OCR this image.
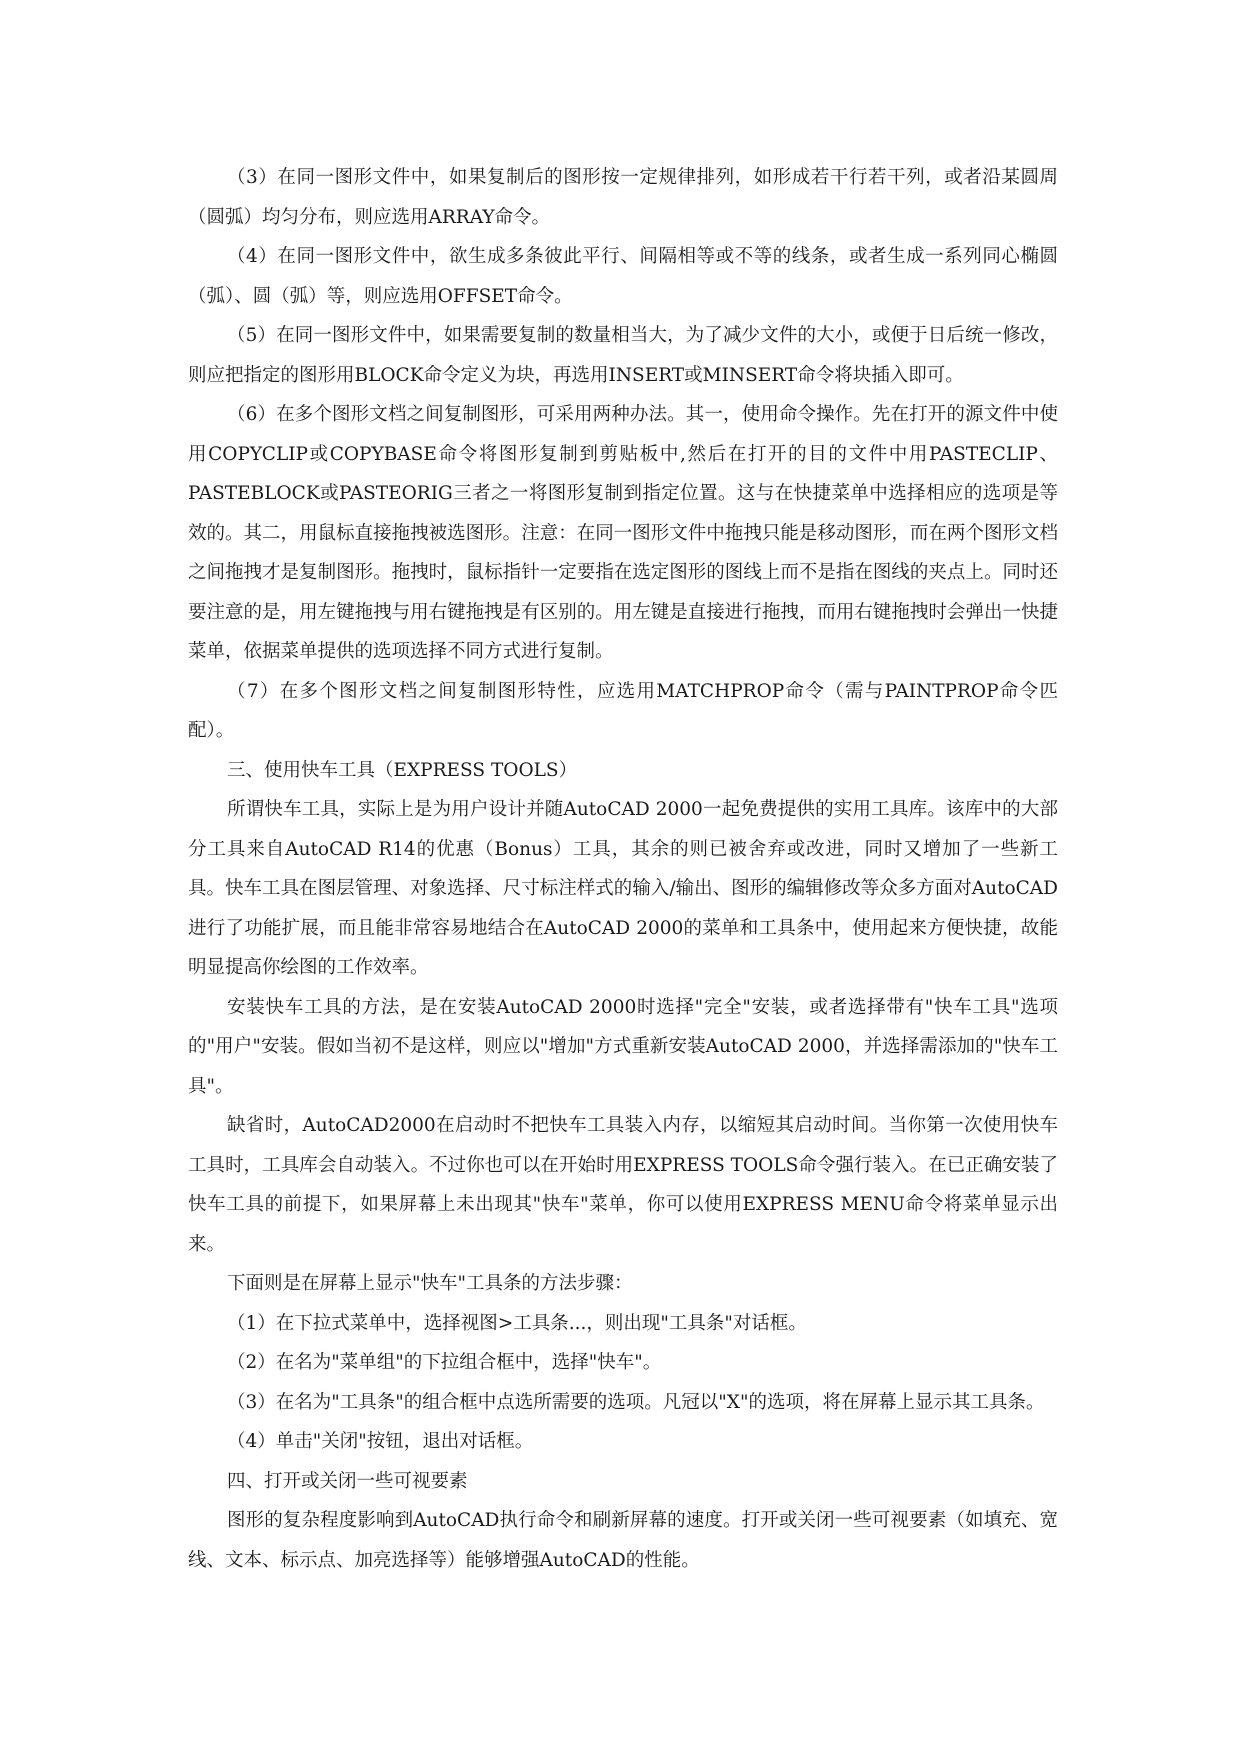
（3）在同一图形文件中，如果复制后的图形按一定规律排列，如形成若干行若干列，或者沿某圆周（圆弧）均匀分布，则应选用ARRAY命令。

（4）在同一图形文件中，欲生成多条彼此平行、间隔相等或不等的线条，或者生成一系列同心椭圆（弧）、圆（弧）等，则应选用OFFSET命令。

（5）在同一图形文件中，如果需要复制的数量相当大，为了减少文件的大小，或便于日后统一修改，则应把指定的图形用BLOCK命令定义为块，再选用INSERT或MINSERT命令将块插入即可。

（6）在多个图形文档之间复制图形，可采用两种办法。其一，使用命令操作。先在打开的源文件中使用COPYCLIP或COPYBASE命令将图形复制到剪贴板中,然后在打开的目的文件中用PASTECLIP、PASTEBLOCK或PASTEORIG三者之一将图形复制到指定位置。这与在快捷菜单中选择相应的选项是等效的。其二，用鼠标直接拖拽被选图形。注意：在同一图形文件中拖拽只能是移动图形，而在两个图形文档之间拖拽才是复制图形。拖拽时，鼠标指针一定要指在选定图形的图线上而不是指在图线的夹点上。同时还要注意的是，用左键拖拽与用右键拖拽是有区别的。用左键是直接进行拖拽，而用右键拖拽时会弹出一快捷菜单，依据菜单提供的选项选择不同方式进行复制。

（7）在多个图形文档之间复制图形特性，应选用MATCHPROP命令（需与PAINTPROP命令匹配）。

三、使用快车工具（EXPRESS TOOLS）

所谓快车工具，实际上是为用户设计并随AutoCAD 2000一起免费提供的实用工具库。该库中的大部分工具来自AutoCAD R14的优惠（Bonus）工具，其余的则已被舍弃或改进，同时又增加了一些新工具。快车工具在图层管理、对象选择、尺寸标注样式的输入/输出、图形的编辑修改等众多方面对AutoCAD进行了功能扩展，而且能非常容易地结合在AutoCAD 2000的菜单和工具条中，使用起来方便快捷，故能明显提高你绘图的工作效率。

安装快车工具的方法，是在安装AutoCAD 2000时选择"完全"安装，或者选择带有"快车工具"选项的"用户"安装。假如当初不是这样，则应以"增加"方式重新安装AutoCAD 2000，并选择需添加的"快车工具"。

缺省时，AutoCAD2000在启动时不把快车工具装入内存，以缩短其启动时间。当你第一次使用快车工具时，工具库会自动装入。不过你也可以在开始时用EXPRESS TOOLS命令强行装入。在已正确安装了快车工具的前提下，如果屏幕上未出现其"快车"菜单，你可以使用EXPRESS MENU命令将菜单显示出来。

下面则是在屏幕上显示"快车"工具条的方法步骤：

（1）在下拉式菜单中，选择视图>工具条...，则出现"工具条"对话框。

（2）在名为"菜单组"的下拉组合框中，选择"快车"。

（3）在名为"工具条"的组合框中点选所需要的选项。凡冠以"X"的选项，将在屏幕上显示其工具条。

（4）单击"关闭"按钮，退出对话框。

四、打开或关闭一些可视要素

图形的复杂程度影响到AutoCAD执行命令和刷新屏幕的速度。打开或关闭一些可视要素（如填充、宽线、文本、标示点、加亮选择等）能够增强AutoCAD的性能。
